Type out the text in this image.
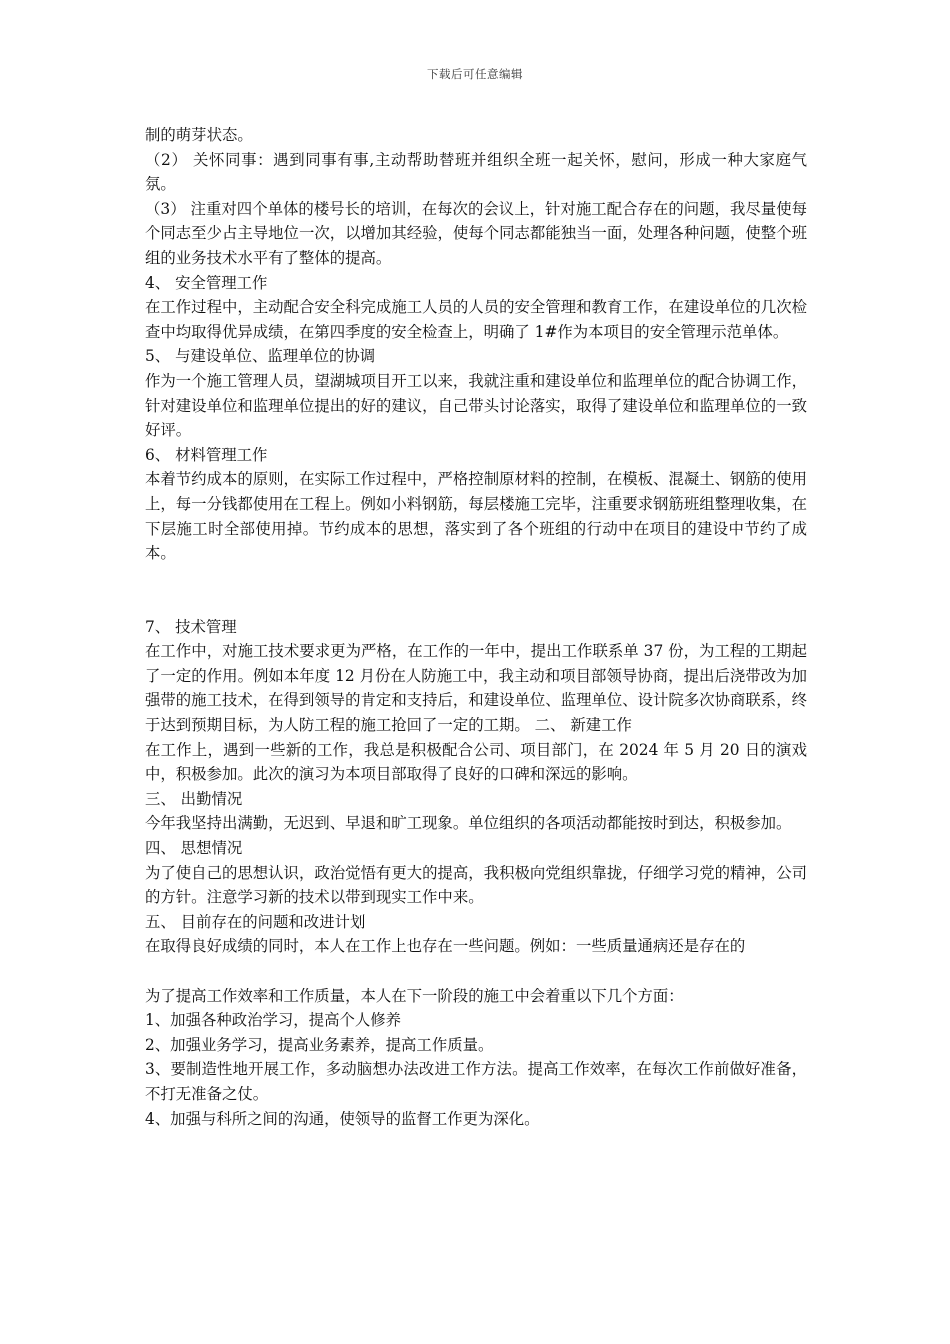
下载后可任意编辑

制的萌芽状态。

（2） 关怀同事：遇到同事有事,主动帮助替班并组织全班一起关怀，慰问，形成一种大家庭气氛。

（3） 注重对四个单体的楼号长的培训，在每次的会议上，针对施工配合存在的问题，我尽量使每个同志至少占主导地位一次，以增加其经验，使每个同志都能独当一面，处理各种问题，使整个班组的业务技术水平有了整体的提高。

4、 安全管理工作

在工作过程中，主动配合安全科完成施工人员的人员的安全管理和教育工作，在建设单位的几次检查中均取得优异成绩，在第四季度的安全检查上，明确了 1#作为本项目的安全管理示范单体。

5、 与建设单位、监理单位的协调

作为一个施工管理人员，望湖城项目开工以来，我就注重和建设单位和监理单位的配合协调工作，针对建设单位和监理单位提出的好的建议，自己带头讨论落实，取得了建设单位和监理单位的一致好评。

6、 材料管理工作

本着节约成本的原则，在实际工作过程中，严格控制原材料的控制，在模板、混凝土、钢筋的使用上，每一分钱都使用在工程上。例如小料钢筋，每层楼施工完毕，注重要求钢筋班组整理收集，在下层施工时全部使用掉。节约成本的思想，落实到了各个班组的行动中在项目的建设中节约了成本。

7、 技术管理

在工作中，对施工技术要求更为严格，在工作的一年中，提出工作联系单 37 份，为工程的工期起了一定的作用。例如本年度 12 月份在人防施工中，我主动和项目部领导协商，提出后浇带改为加强带的施工技术，在得到领导的肯定和支持后，和建设单位、监理单位、设计院多次协商联系，终于达到预期目标，为人防工程的施工抢回了一定的工期。 二、 新建工作

在工作上，遇到一些新的工作，我总是积极配合公司、项目部门，在 2024 年 5 月 20 日的演戏中，积极参加。此次的演习为本项目部取得了良好的口碑和深远的影响。

三、 出勤情况

今年我坚持出满勤，无迟到、早退和旷工现象。单位组织的各项活动都能按时到达，积极参加。

四、 思想情况

为了使自己的思想认识，政治觉悟有更大的提高，我积极向党组织靠拢，仔细学习党的精神，公司的方针。注意学习新的技术以带到现实工作中来。

五、 目前存在的问题和改进计划

在取得良好成绩的同时，本人在工作上也存在一些问题。例如：一些质量通病还是存在的

为了提高工作效率和工作质量，本人在下一阶段的施工中会着重以下几个方面：

1、加强各种政治学习，提高个人修养

2、加强业务学习，提高业务素养，提高工作质量。

3、要制造性地开展工作，多动脑想办法改进工作方法。提高工作效率，在每次工作前做好准备，不打无准备之仗。

4、加强与科所之间的沟通，使领导的监督工作更为深化。
